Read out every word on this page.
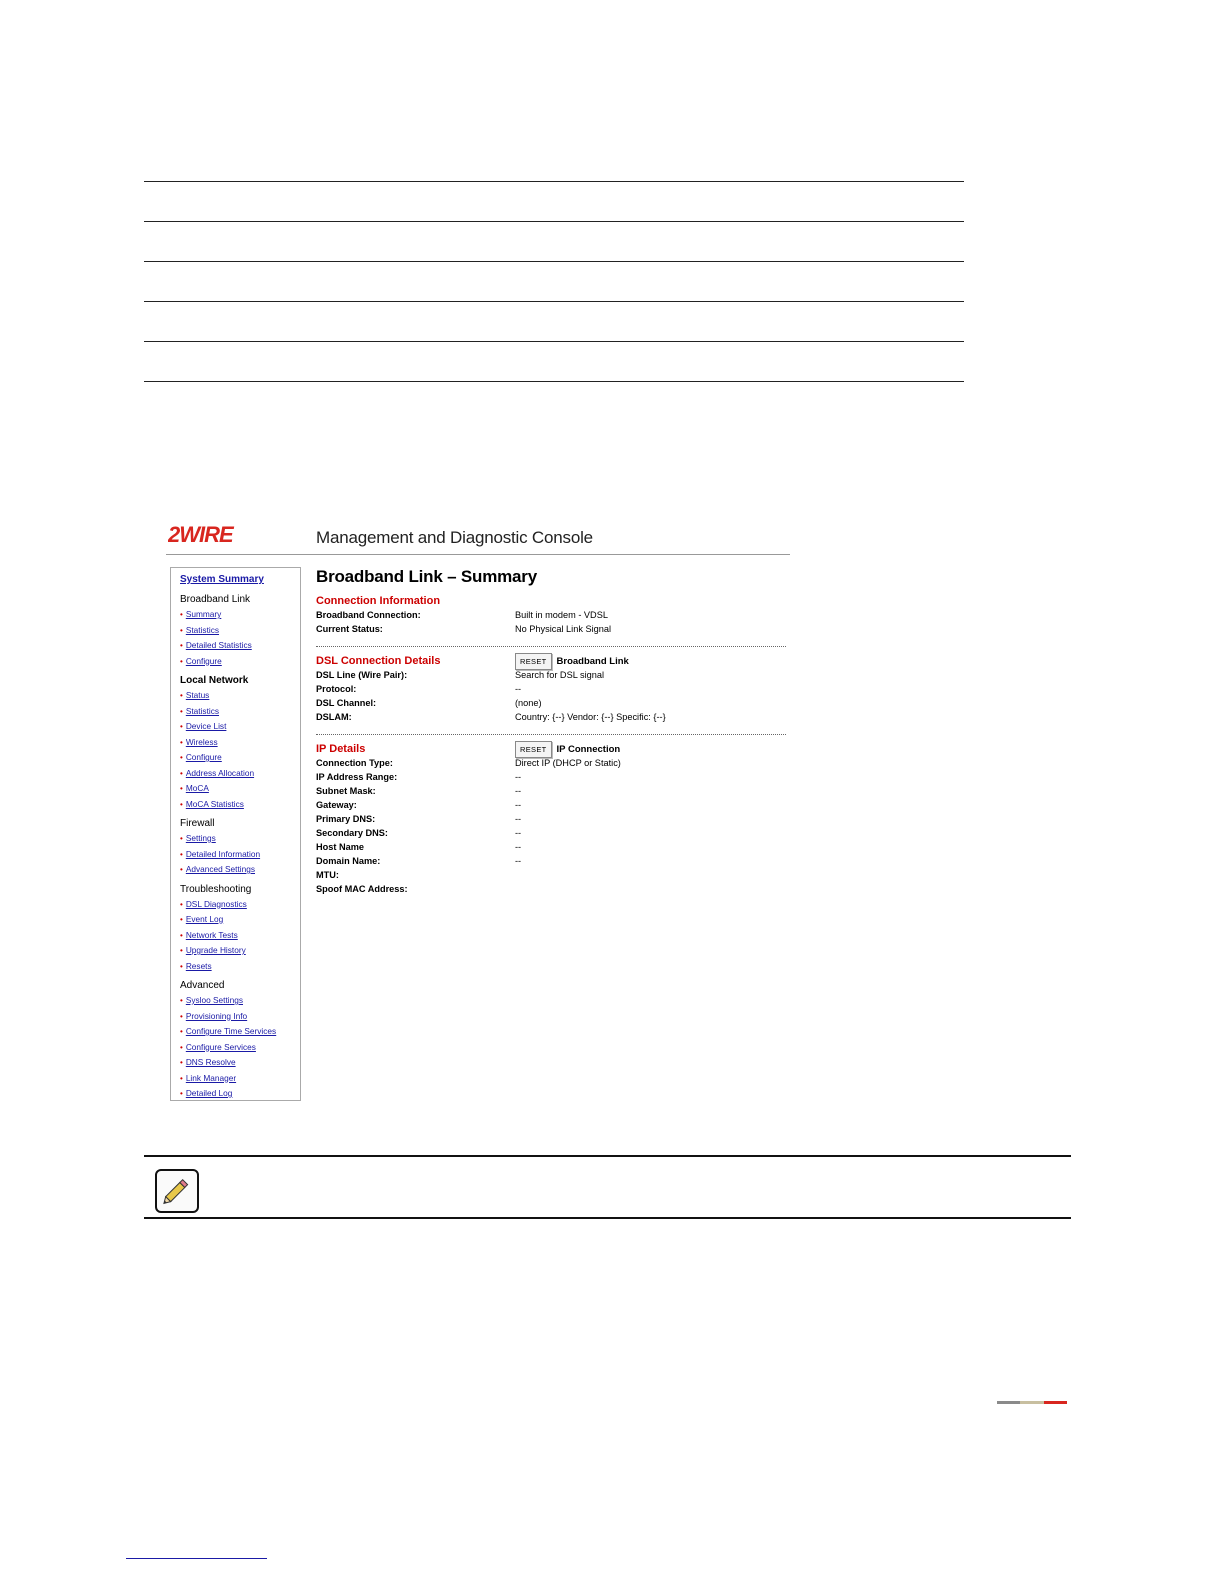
2WIRE	Management and Diagnostic Console
System Summary
Broadband Link
• Summary
• Statistics
• Detailed Statistics
• Configure
Local Network
• Status
• Statistics
• Device List
• Wireless
• Configure
• Address Allocation
• MoCA
• MoCA Statistics
Firewall
• Settings
• Detailed Information
• Advanced Settings
Troubleshooting
• DSL Diagnostics
• Event Log
• Network Tests
• Upgrade History
• Resets
Advanced
• Sysloo Settings
• Provisioning Info
• Configure Time Services
• Configure Services
• DNS Resolve
• Link Manager
• Detailed Log
Broadband Link – Summary
Connection Information
Broadband Connection:	Built in modem - VDSL
Current Status:	No Physical Link Signal
DSL Connection Details	RESET	Broadband Link
DSL Line (Wire Pair):	Search for DSL signal
Protocol:	--
DSL Channel:	(none)
DSLAM:	Country: {--} Vendor: {--} Specific: {--}
IP Details	RESET	IP Connection
Connection Type:	Direct IP (DHCP or Static)
IP Address Range:	--
Subnet Mask:	--
Gateway:	--
Primary DNS:	--
Secondary DNS:	--
Host Name	--
Domain Name:	--
MTU:
Spoof MAC Address:
